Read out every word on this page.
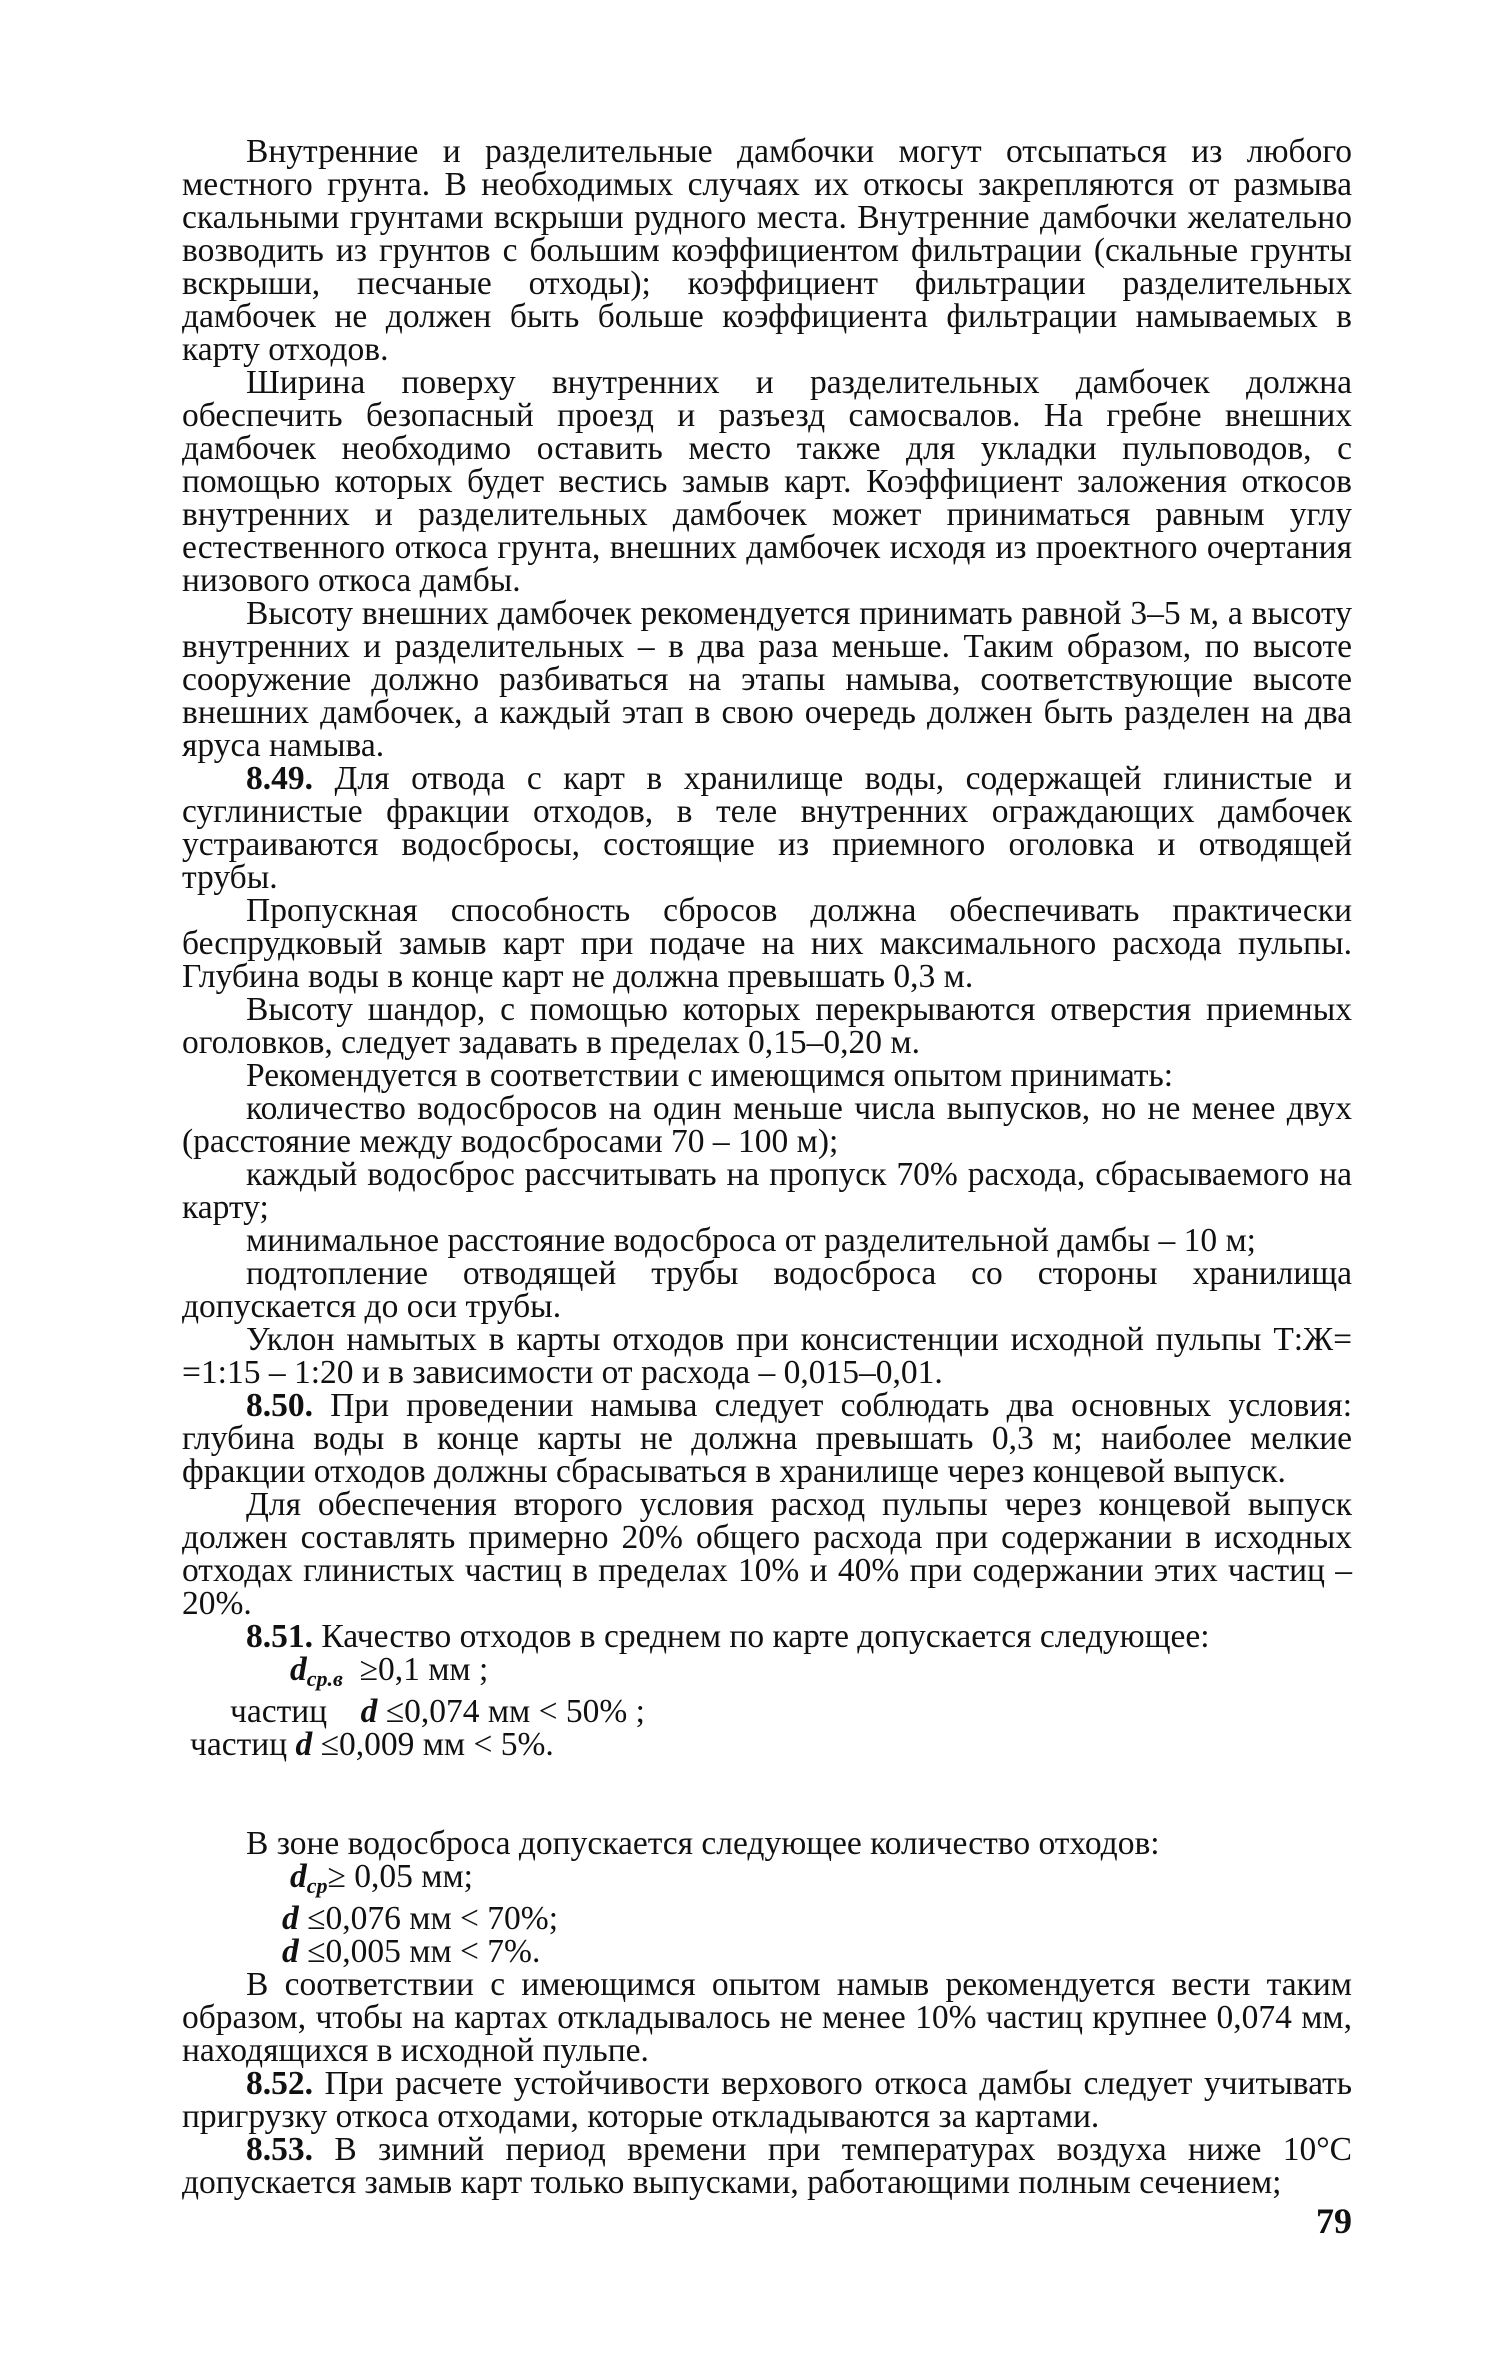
Внутренние и разделительные дамбочки могут отсыпаться из любого местного грунта. В необходимых случаях их откосы закрепляются от размыва скальными грунтами вскрыши рудного места. Внутренние дамбочки желательно возводить из грунтов с большим коэффициентом фильтрации (скальные грунты вскрыши, песчаные отходы); коэффициент фильтрации разделительных дамбочек не должен быть больше коэффициента фильтрации намываемых в карту отходов.

Ширина поверху внутренних и разделительных дамбочек должна обеспечить безопасный проезд и разъезд самосвалов. На гребне внешних дамбочек необходимо оставить место также для укладки пульповодов, с помощью которых будет вестись замыв карт. Коэффициент заложения откосов внутренних и разделительных дамбочек может приниматься равным углу естественного откоса грунта, внешних дамбочек исходя из проектного очертания низового откоса дамбы.

Высоту внешних дамбочек рекомендуется принимать равной 3–5 м, а высоту внутренних и разделительных – в два раза меньше. Таким образом, по высоте сооружение должно разбиваться на этапы намыва, соответствующие высоте внешних дамбочек, а каждый этап в свою очередь должен быть разделен на два яруса намыва.

8.49. Для отвода с карт в хранилище воды, содержащей глинистые и суглинистые фракции отходов, в теле внутренних ограждающих дамбочек устраиваются водосбросы, состоящие из приемного оголовка и отводящей трубы.

Пропускная способность сбросов должна обеспечивать практически беспрудковый замыв карт при подаче на них максимального расхода пульпы. Глубина воды в конце карт не должна превышать 0,3 м.

Высоту шандор, с помощью которых перекрываются отверстия приемных оголовков, следует задавать в пределах 0,15–0,20 м.

Рекомендуется в соответствии с имеющимся опытом принимать:

количество водосбросов на один меньше числа выпусков, но не менее двух (расстояние между водосбросами 70 – 100 м);

каждый водосброс рассчитывать на пропуск 70% расхода, сбрасываемого на карту;

минимальное расстояние водосброса от разделительной дамбы – 10 м;

подтопление отводящей трубы водосброса со стороны хранилища допускается до оси трубы.

Уклон намытых в карты отходов при консистенции исходной пульпы Т:Ж= =1:15 – 1:20 и в зависимости от расхода – 0,015–0,01.

8.50. При проведении намыва следует соблюдать два основных условия: глубина воды в конце карты не должна превышать 0,3 м; наиболее мелкие фракции отходов должны сбрасываться в хранилище через концевой выпуск.

Для обеспечения второго условия расход пульпы через концевой выпуск должен составлять примерно 20% общего расхода при содержании в исходных отходах глинистых частиц в пределах 10% и 40% при содержании этих частиц – 20%.

8.51. Качество отходов в среднем по карте допускается следующее:

$d_{ср.в} \ge 0,1$ мм ;
частиц    d ≤0,074 мм < 50% ;
частиц d ≤0,009 мм < 5%.

В зоне водосброса допускается следующее количество отходов:

$d_{ср}\ge 0,05$ мм;
d ≤0,076 мм < 70%;
d ≤0,005 мм < 7%.

В соответствии с имеющимся опытом намыв рекомендуется вести таким образом, чтобы на картах откладывалось не менее 10% частиц крупнее 0,074 мм, находящихся в исходной пульпе.

8.52. При расчете устойчивости верхового откоса дамбы следует учитывать пригрузку откоса отходами, которые откладываются за картами.

8.53. В зимний период времени при температурах воздуха ниже 10°С допускается замыв карт только выпусками, работающими полным сечением;

79
